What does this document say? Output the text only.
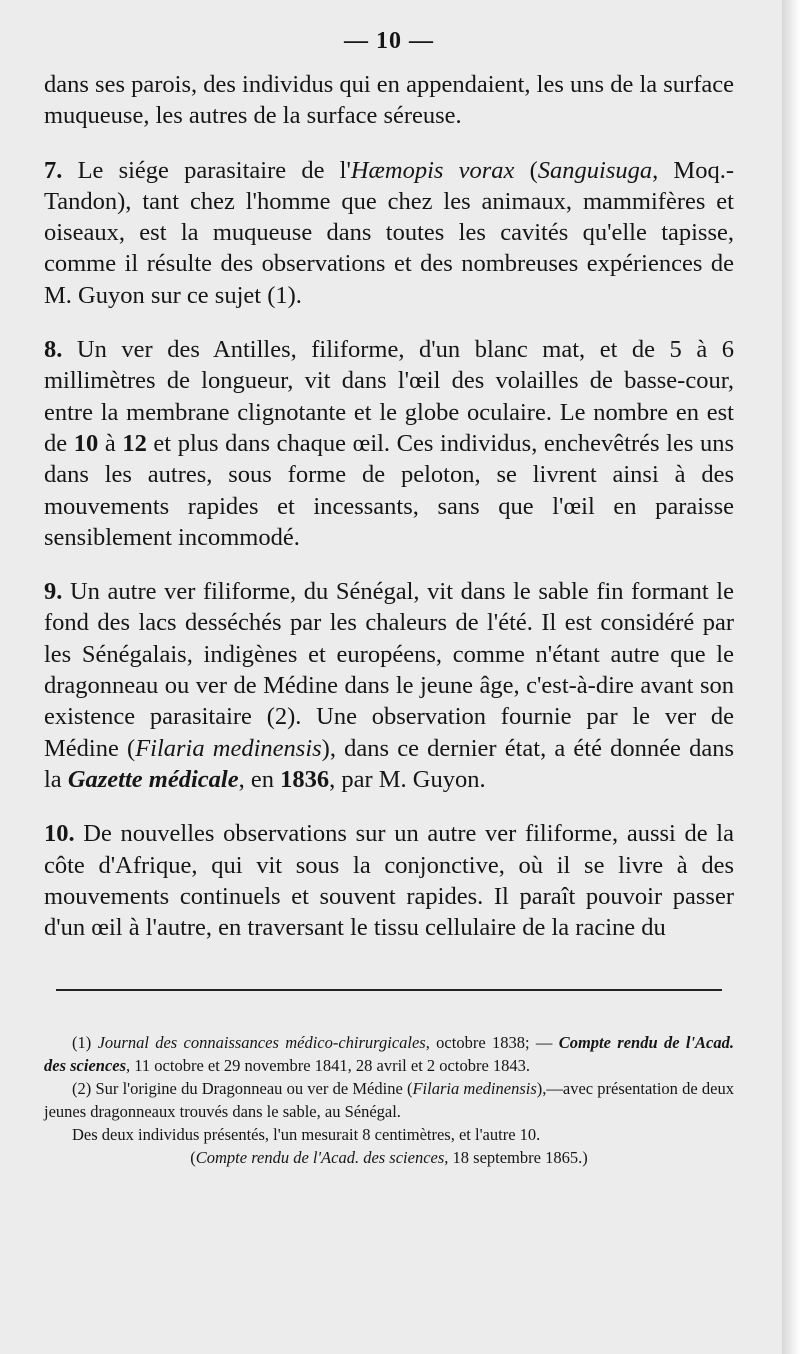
— 10 —

dans ses parois, des individus qui en appendaient, les uns de la surface muqueuse, les autres de la surface séreuse.

7. Le siége parasitaire de l'Hæmopis vorax (Sanguisuga, Moq.-Tandon), tant chez l'homme que chez les animaux, mammifères et oiseaux, est la muqueuse dans toutes les cavités qu'elle tapisse, comme il résulte des observations et des nombreuses expériences de M. Guyon sur ce sujet (1).

8. Un ver des Antilles, filiforme, d'un blanc mat, et de 5 à 6 millimètres de longueur, vit dans l'œil des volailles de basse-cour, entre la membrane clignotante et le globe oculaire. Le nombre en est de 10 à 12 et plus dans chaque œil. Ces individus, enchevêtrés les uns dans les autres, sous forme de peloton, se livrent ainsi à des mouvements rapides et incessants, sans que l'œil en paraisse sensiblement incommodé.

9. Un autre ver filiforme, du Sénégal, vit dans le sable fin formant le fond des lacs desséchés par les chaleurs de l'été. Il est considéré par les Sénégalais, indigènes et européens, comme n'étant autre que le dragonneau ou ver de Médine dans le jeune âge, c'est-à-dire avant son existence parasitaire (2). Une observation fournie par le ver de Médine (Filaria medinensis), dans ce dernier état, a été donnée dans la Gazette médicale, en 1836, par M. Guyon.

10. De nouvelles observations sur un autre ver filiforme, aussi de la côte d'Afrique, qui vit sous la conjonctive, où il se livre à des mouvements continuels et souvent rapides. Il paraît pouvoir passer d'un œil à l'autre, en traversant le tissu cellulaire de la racine du

(1) Journal des connaissances médico-chirurgicales, octobre 1838; — Compte rendu de l'Acad. des sciences, 11 octobre et 29 novembre 1841, 28 avril et 2 octobre 1843.

(2) Sur l'origine du Dragonneau ou ver de Médine (Filaria medinensis),—avec présentation de deux jeunes dragonneaux trouvés dans le sable, au Sénégal.

Des deux individus présentés, l'un mesurait 8 centimètres, et l'autre 10.

(Compte rendu de l'Acad. des sciences, 18 septembre 1865.)
